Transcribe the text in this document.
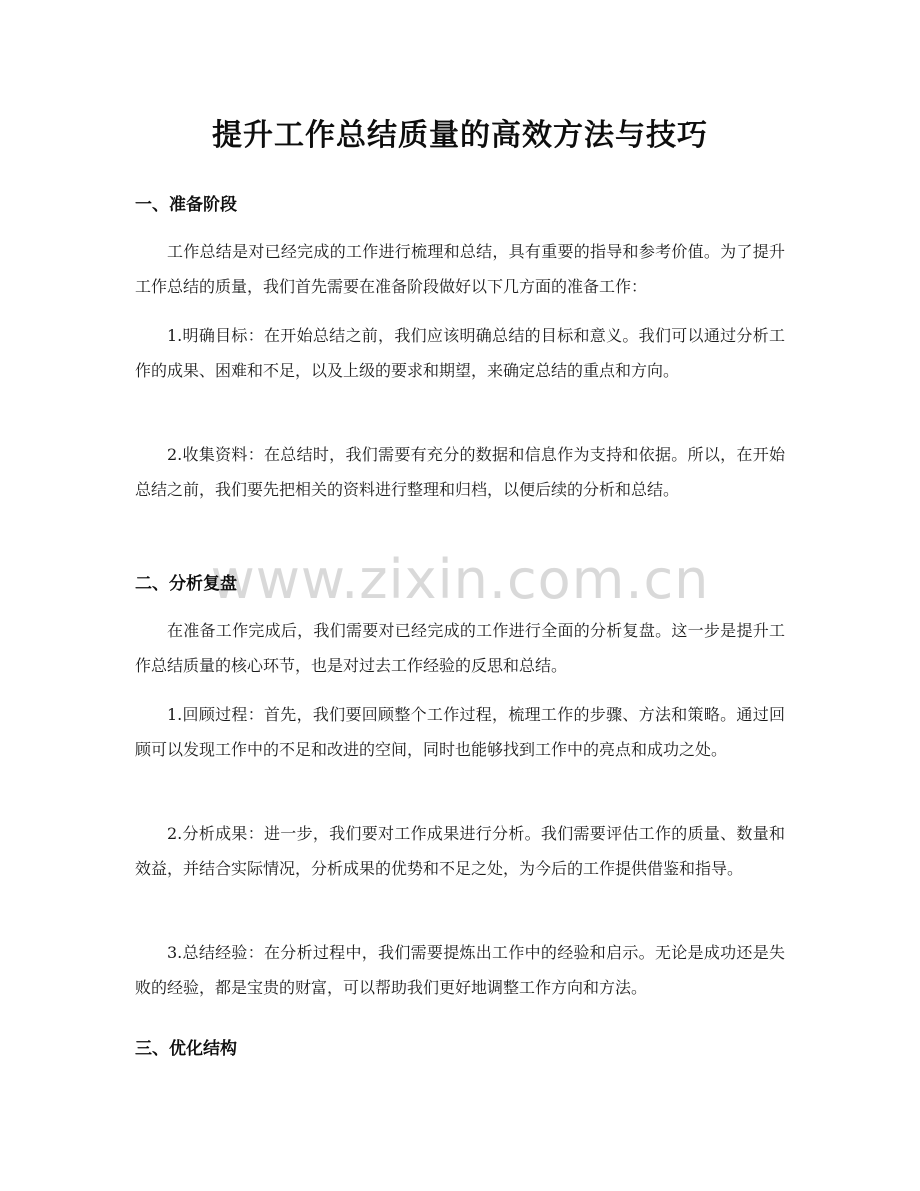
提升工作总结质量的高效方法与技巧
www.zixin.com.cn
一、准备阶段
工作总结是对已经完成的工作进行梳理和总结，具有重要的指导和参考价值。为了提升工作总结的质量，我们首先需要在准备阶段做好以下几方面的准备工作：
1.明确目标：在开始总结之前，我们应该明确总结的目标和意义。我们可以通过分析工作的成果、困难和不足，以及上级的要求和期望，来确定总结的重点和方向。
2.收集资料：在总结时，我们需要有充分的数据和信息作为支持和依据。所以，在开始总结之前，我们要先把相关的资料进行整理和归档，以便后续的分析和总结。
二、分析复盘
在准备工作完成后，我们需要对已经完成的工作进行全面的分析复盘。这一步是提升工作总结质量的核心环节，也是对过去工作经验的反思和总结。
1.回顾过程：首先，我们要回顾整个工作过程，梳理工作的步骤、方法和策略。通过回顾可以发现工作中的不足和改进的空间，同时也能够找到工作中的亮点和成功之处。
2.分析成果：进一步，我们要对工作成果进行分析。我们需要评估工作的质量、数量和效益，并结合实际情况，分析成果的优势和不足之处，为今后的工作提供借鉴和指导。
3.总结经验：在分析过程中，我们需要提炼出工作中的经验和启示。无论是成功还是失败的经验，都是宝贵的财富，可以帮助我们更好地调整工作方向和方法。
三、优化结构
